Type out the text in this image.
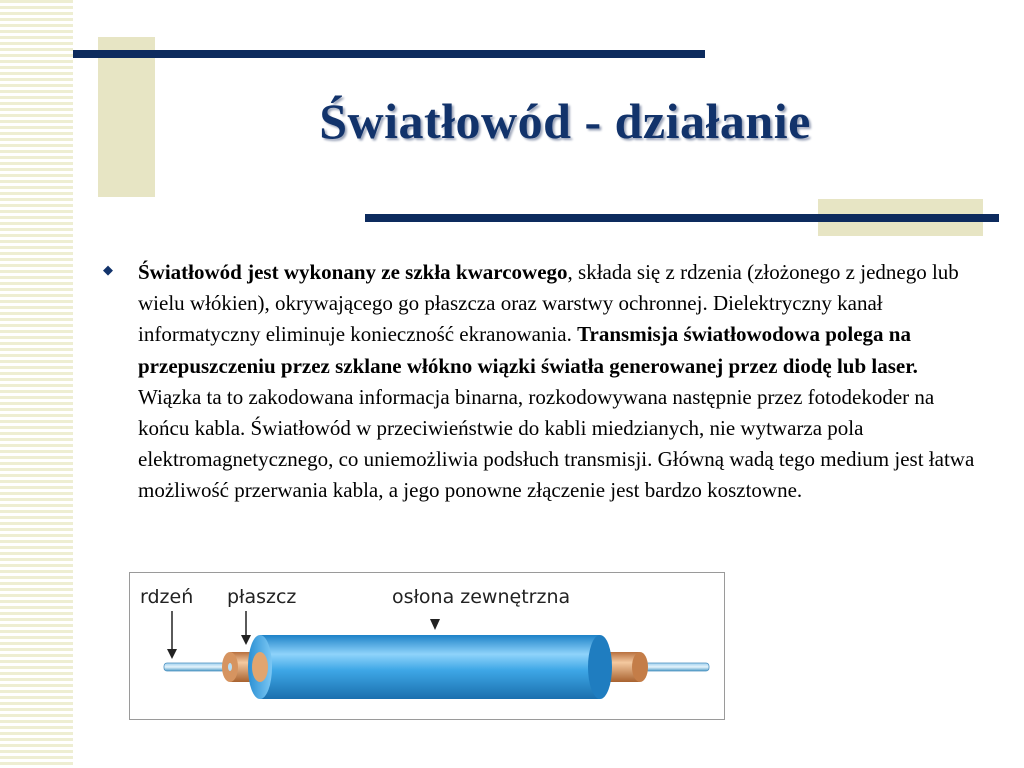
Światłowód - działanie
◆ Światłowód jest wykonany ze szkła kwarcowego, składa się z rdzenia (złożonego z jednego lub wielu włókien), okrywającego go płaszcza oraz warstwy ochronnej. Dielektryczny kanał informatyczny eliminuje konieczność ekranowania. Transmisja światłowodowa polega na przepuszczeniu przez szklane włókno wiązki światła generowanej przez diodę lub laser. Wiązka ta to zakodowana informacja binarna, rozkodowywana następnie przez fotodekoder na końcu kabla. Światłowód w przeciwieństwie do kabli miedzianych, nie wytwarza pola elektromagnetycznego, co uniemożliwia podsłuch transmisji. Główną wadą tego medium jest łatwa możliwość przerwania kabla, a jego ponowne złączenie jest bardzo kosztowne.

rdzeń płaszcz	osłona zewnętrzna
